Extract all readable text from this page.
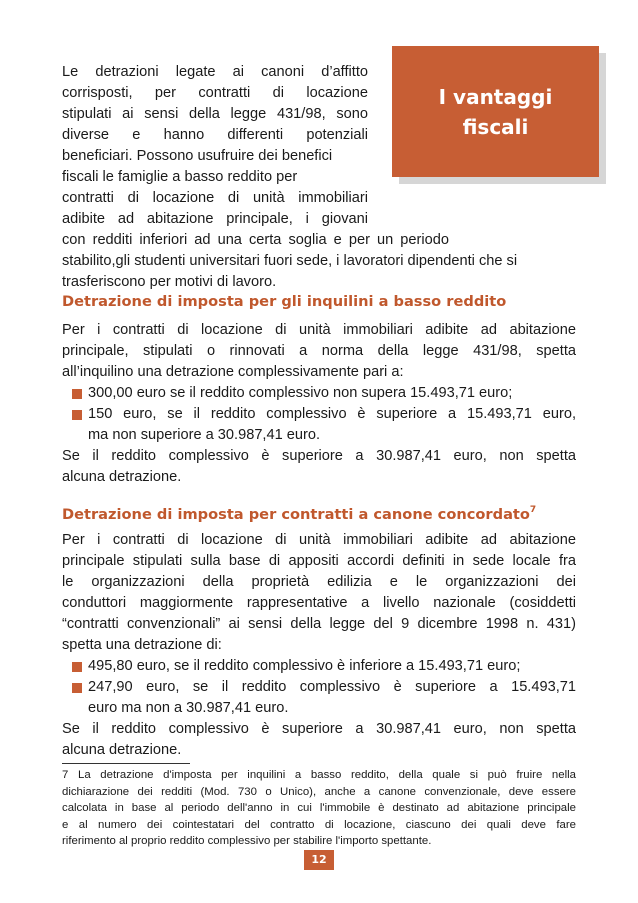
I vantaggi
fiscali
Le detrazioni legate ai canoni d’affitto
corrisposti, per contratti di locazione
stipulati ai sensi della legge 431/98, sono
diverse e hanno differenti potenziali
beneficiari. Possono usufruire dei benefici
fiscali le famiglie a basso reddito per
contratti di locazione di unità immobiliari
adibite ad abitazione principale, i giovani
con redditi inferiori ad una certa soglia e per un periodo
stabilito,gli studenti universitari fuori sede, i lavoratori dipendenti che si
trasferiscono per motivi di lavoro.
Detrazione di imposta per gli inquilini a basso reddito
Per i contratti di locazione di unità immobiliari adibite ad abitazione
principale, stipulati o rinnovati a norma della legge 431/98, spetta
all’inquilino una detrazione complessivamente pari a:
300,00 euro se il reddito complessivo non supera 15.493,71 euro;
150 euro, se il reddito complessivo è superiore a 15.493,71 euro,
ma non superiore a 30.987,41 euro.
Se il reddito complessivo è superiore a 30.987,41 euro, non spetta
alcuna detrazione.
Detrazione di imposta per contratti a canone concordato$^7$
Per i contratti di locazione di unità immobiliari adibite ad abitazione
principale stipulati sulla base di appositi accordi definiti in sede locale fra
le organizzazioni della proprietà edilizia e le organizzazioni dei
conduttori maggiormente rappresentative a livello nazionale (cosiddetti
“contratti convenzionali” ai sensi della legge del 9 dicembre 1998 n. 431)
spetta una detrazione di:
495,80 euro, se il reddito complessivo è inferiore a 15.493,71 euro;
247,90 euro, se il reddito complessivo è superiore a 15.493,71
euro ma non a 30.987,41 euro.
Se il reddito complessivo è superiore a 30.987,41 euro, non spetta
alcuna detrazione.
7 La detrazione d'imposta per inquilini a basso reddito, della quale si può fruire nella
dichiarazione dei redditi (Mod. 730 o Unico), anche a canone convenzionale, deve essere
calcolata in base al periodo dell'anno in cui l'immobile è destinato ad abitazione principale
e al numero dei cointestatari del contratto di locazione, ciascuno dei quali deve fare
riferimento al proprio reddito complessivo per stabilire l'importo spettante.
12
